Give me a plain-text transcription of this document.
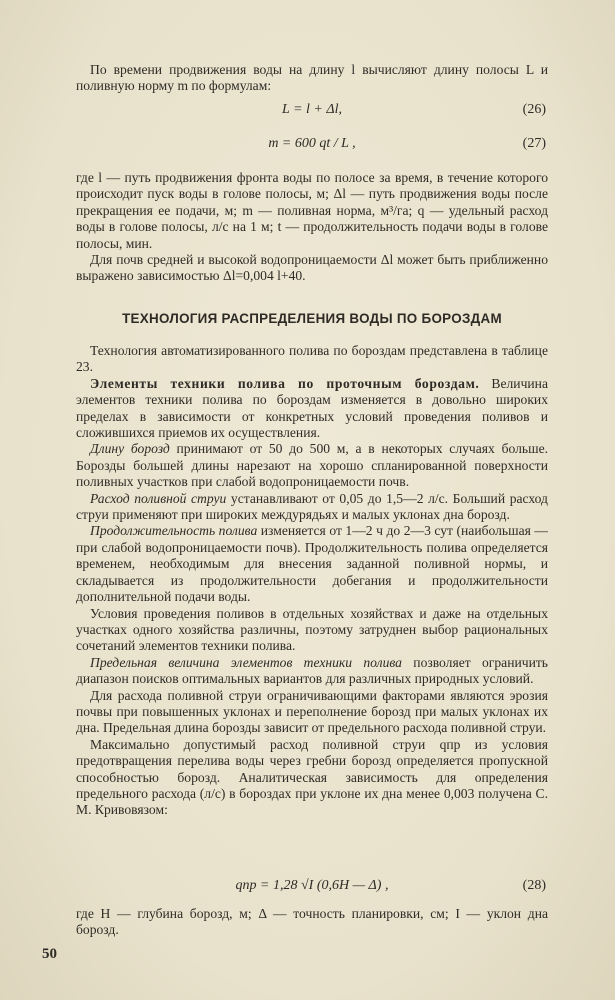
По времени продвижения воды на длину l вычисляют длину полосы L и поливную норму m по формулам:

L = l + Δl,	(26)
m = 600 qt / L ,	(27)

где l — путь продвижения фронта воды по полосе за время, в течение которого происходит пуск воды в голове полосы, м; Δl — путь продвижения воды после прекращения ее подачи, м; m — поливная норма, м³/га; q — удельный расход воды в голове полосы, л/с на 1 м; t — продолжительность подачи воды в голове полосы, мин.

Для почв средней и высокой водопроницаемости Δl может быть приближенно выражено зависимостью Δl=0,004 l+40.

ТЕХНОЛОГИЯ РАСПРЕДЕЛЕНИЯ ВОДЫ ПО БОРОЗДАМ

Технология автоматизированного полива по бороздам представлена в таблице 23.

Элементы техники полива по проточным бороздам. Величина элементов техники полива по бороздам изменяется в довольно широких пределах в зависимости от конкретных условий проведения поливов и сложившихся приемов их осуществления.

Длину борозд принимают от 50 до 500 м, а в некоторых случаях больше. Борозды большей длины нарезают на хорошо спланированной поверхности поливных участков при слабой водопроницаемости почв.

Расход поливной струи устанавливают от 0,05 до 1,5—2 л/с. Больший расход струи применяют при широких междурядьях и малых уклонах дна борозд.

Продолжительность полива изменяется от 1—2 ч до 2—3 сут (наибольшая — при слабой водопроницаемости почв). Продолжительность полива определяется временем, необходимым для внесения заданной поливной нормы, и складывается из продолжительности добегания и продолжительности дополнительной подачи воды.

Условия проведения поливов в отдельных хозяйствах и даже на отдельных участках одного хозяйства различны, поэтому затруднен выбор рациональных сочетаний элементов техники полива.

Предельная величина элементов техники полива позволяет ограничить диапазон поисков оптимальных вариантов для различных природных условий.

Для расхода поливной струи ограничивающими факторами являются эрозия почвы при повышенных уклонах и переполнение борозд при малых уклонах их дна. Предельная длина борозды зависит от предельного расхода поливной струи.

Максимально допустимый расход поливной струи qпр из условия предотвращения перелива воды через гребни борозд определяется пропускной способностью борозд. Аналитическая зависимость для определения предельного расхода (л/с) в бороздах при уклоне их дна менее 0,003 получена С. М. Кривовязом:

qпр = 1,28 √I (0,6H — Δ) ,	(28)

где H — глубина борозд, м; Δ — точность планировки, см; I — уклон дна борозд.

50
